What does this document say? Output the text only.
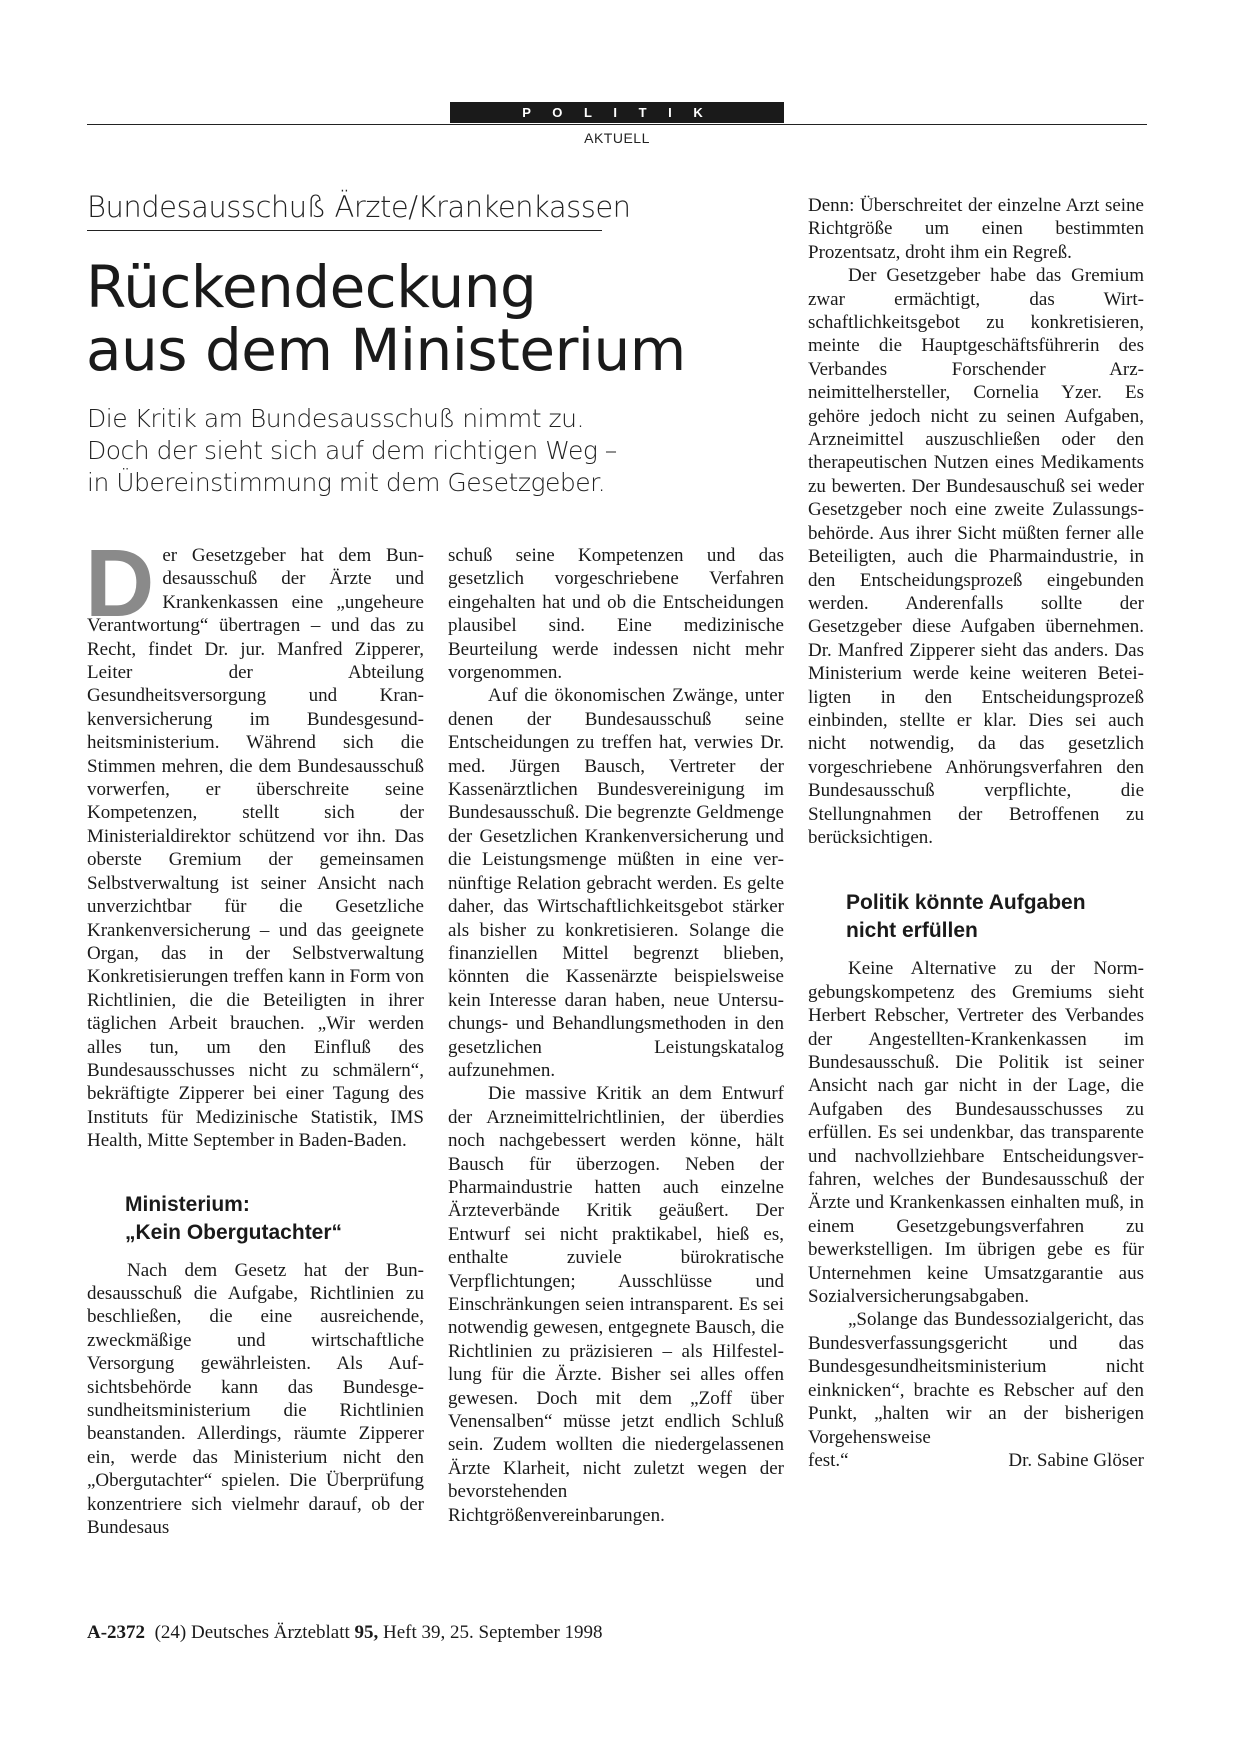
P O L I T I K
AKTUELL
Bundesausschuß Ärzte/Krankenkassen
Rückendeckung
aus dem Ministerium
Die Kritik am Bundesausschuß nimmt zu.
Doch der sieht sich auf dem richtigen Weg –
in Übereinstimmung mit dem Gesetzgeber.

Der Gesetzgeber hat dem Bundesausschuß der Ärzte und Krankenkassen eine „ungeheure Verantwortung“ übertragen – und das zu Recht, findet Dr. jur. Manfred Zipperer, Leiter der Abteilung Gesundheitsversorgung und Krankenversicherung im Bundesgesundheitsministerium. Während sich die Stimmen mehren, die dem Bundesausschuß vorwerfen, er überschreite seine Kompetenzen, stellt sich der Ministerialdirektor schützend vor ihn. Das oberste Gremium der gemeinsamen Selbstverwaltung ist seiner Ansicht nach unverzichtbar für die Gesetzliche Krankenversicherung – und das geeignete Organ, das in der Selbstverwaltung Konkretisierungen treffen kann in Form von Richtlinien, die die Beteiligten in ihrer täglichen Arbeit brauchen. „Wir werden alles tun, um den Einfluß des Bundesausschusses nicht zu schmälern“, bekräftigte Zipperer bei einer Tagung des Instituts für Medizinische Statistik, IMS Health, Mitte September in Baden-Baden.

Ministerium:
„Kein Obergutachter“

Nach dem Gesetz hat der Bundesausschuß die Aufgabe, Richtlinien zu beschließen, die eine ausreichende, zweckmäßige und wirtschaftliche Versorgung gewährleisten. Als Aufsichtsbehörde kann das Bundesgesundheitsministerium die Richtlinien beanstanden. Allerdings, räumte Zipperer ein, werde das Ministerium nicht den „Obergutachter“ spielen. Die Überprüfung konzentriere sich vielmehr darauf, ob der Bundesaus

schuß seine Kompetenzen und das gesetzlich vorgeschriebene Verfahren eingehalten hat und ob die Entscheidungen plausibel sind. Eine medizinische Beurteilung werde indessen nicht mehr vorgenommen.

Auf die ökonomischen Zwänge, unter denen der Bundesausschuß seine Entscheidungen zu treffen hat, verwies Dr. med. Jürgen Bausch, Vertreter der Kassenärztlichen Bundesvereinigung im Bundesausschuß. Die begrenzte Geldmenge der Gesetzlichen Krankenversicherung und die Leistungsmenge müßten in eine vernünftige Relation gebracht werden. Es gelte daher, das Wirtschaftlichkeitsgebot stärker als bisher zu konkretisieren. Solange die finanziellen Mittel begrenzt blieben, könnten die Kassenärzte beispielsweise kein Interesse daran haben, neue Untersuchungs- und Behandlungsmethoden in den gesetzlichen Leistungskatalog aufzunehmen.

Die massive Kritik an dem Entwurf der Arzneimittelrichtlinien, der überdies noch nachgebessert werden könne, hält Bausch für überzogen. Neben der Pharmaindustrie hatten auch einzelne Ärzteverbände Kritik geäußert. Der Entwurf sei nicht praktikabel, hieß es, enthalte zuviele bürokratische Verpflichtungen; Ausschlüsse und Einschränkungen seien intransparent. Es sei notwendig gewesen, entgegnete Bausch, die Richtlinien zu präzisieren – als Hilfestellung für die Ärzte. Bisher sei alles offen gewesen. Doch mit dem „Zoff über Venensalben“ müsse jetzt endlich Schluß sein. Zudem wollten die niedergelassenen Ärzte Klarheit, nicht zuletzt wegen der bevorstehenden Richtgrößenvereinbarungen.

Denn: Überschreitet der einzelne Arzt seine Richtgröße um einen bestimmten Prozentsatz, droht ihm ein Regreß.

Der Gesetzgeber habe das Gremium zwar ermächtigt, das Wirtschaftlichkeitsgebot zu konkretisieren, meinte die Hauptgeschäftsführerin des Verbandes Forschender Arzneimittelhersteller, Cornelia Yzer. Es gehöre jedoch nicht zu seinen Aufgaben, Arzneimittel auszuschließen oder den therapeutischen Nutzen eines Medikaments zu bewerten. Der Bundesauschuß sei weder Gesetzgeber noch eine zweite Zulassungsbehörde. Aus ihrer Sicht müßten ferner alle Beteiligten, auch die Pharmaindustrie, in den Entscheidungsprozeß eingebunden werden. Anderenfalls sollte der Gesetzgeber diese Aufgaben übernehmen. Dr. Manfred Zipperer sieht das anders. Das Ministerium werde keine weiteren Beteiligten in den Entscheidungsprozeß einbinden, stellte er klar. Dies sei auch nicht notwendig, da das gesetzlich vorgeschriebene Anhörungsverfahren den Bundesausschuß verpflichte, die Stellungnahmen der Betroffenen zu berücksichtigen.

Politik könnte Aufgaben
nicht erfüllen

Keine Alternative zu der Normgebungskompetenz des Gremiums sieht Herbert Rebscher, Vertreter des Verbandes der Angestellten-Krankenkassen im Bundesausschuß. Die Politik ist seiner Ansicht nach gar nicht in der Lage, die Aufgaben des Bundesausschusses zu erfüllen. Es sei undenkbar, das transparente und nachvollziehbare Entscheidungsverfahren, welches der Bundesausschuß der Ärzte und Krankenkassen einhalten muß, in einem Gesetzgebungsverfahren zu bewerkstelligen. Im übrigen gebe es für Unternehmen keine Umsatzgarantie aus Sozialversicherungsabgaben.

„Solange das Bundessozialgericht, das Bundesverfassungsgericht und das Bundesgesundheitsministerium nicht einknicken“, brachte es Rebscher auf den Punkt, „halten wir an der bisherigen Vorgehensweise

fest.“	Dr. Sabine Glöser

A-2372 (24) Deutsches Ärzteblatt 95, Heft 39, 25. September 1998
